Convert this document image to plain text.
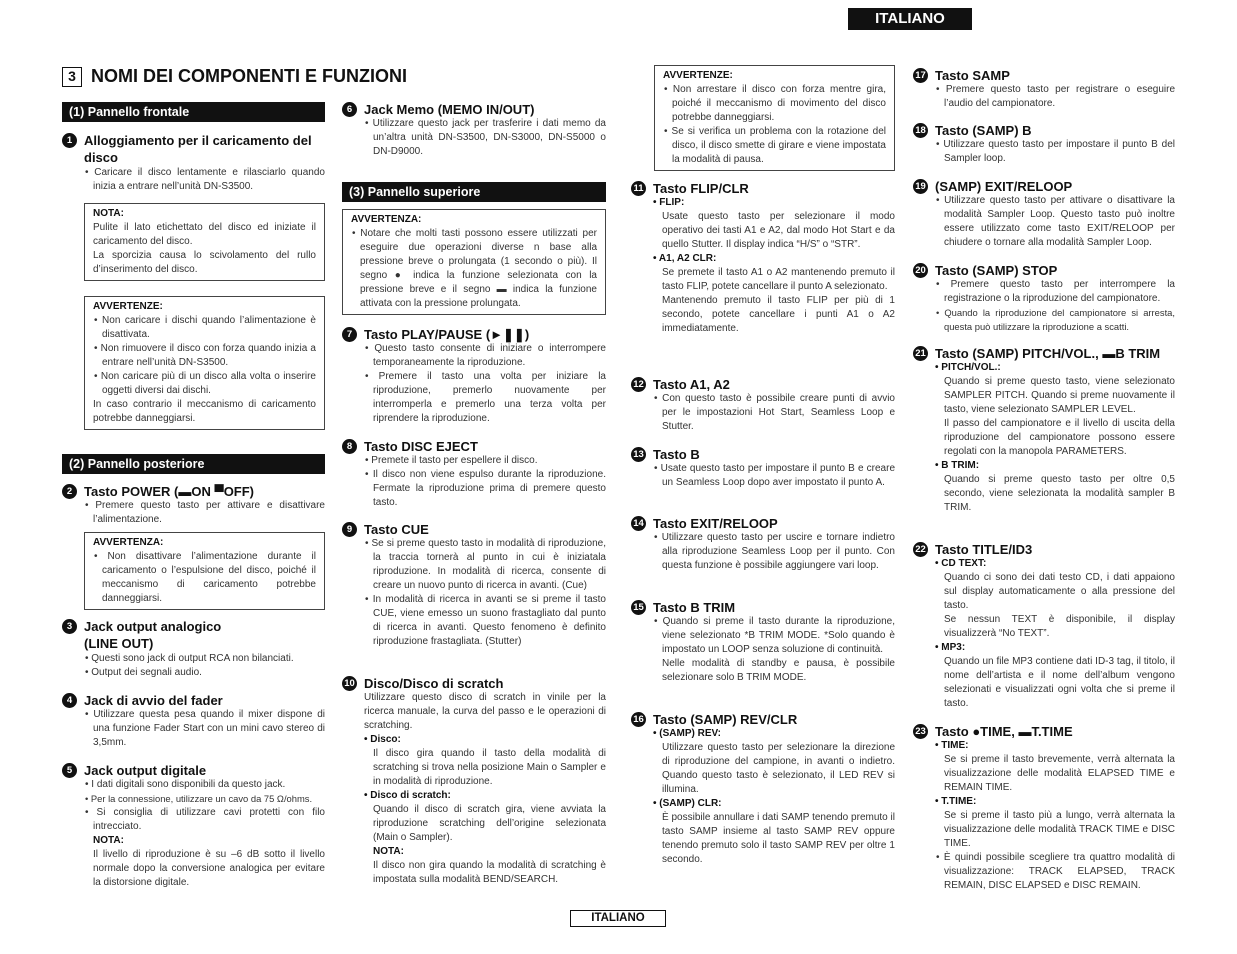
ITALIANO
3 NOMI DEI COMPONENTI E FUNZIONI
(1) Pannello frontale
1 Alloggiamento per il caricamento del disco

• Caricare il disco lentamente e rilasciarlo quando inizia a entrare nell’unità DN-S3500.

NOTA:

Pulite il lato etichettato del disco ed iniziate il caricamento del disco.

La sporcizia causa lo scivolamento del rullo d’inserimento del disco.

AVVERTENZE:

• Non caricare i dischi quando l’alimentazione è disattivata.

• Non rimuovere il disco con forza quando inizia a entrare nell’unità DN-S3500.

• Non caricare più di un disco alla volta o inserire oggetti diversi dai dischi.

In caso contrario il meccanismo di caricamento potrebbe danneggiarsi.

(2) Pannello posteriore
2 Tasto POWER (▬ON ▀OFF)

• Premere questo tasto per attivare e disattivare l’alimentazione.

AVVERTENZA:

• Non disattivare l’alimentazione durante il caricamento o l’espulsione del disco, poiché il meccanismo di caricamento potrebbe danneggiarsi.

3 Jack output analogico
(LINE OUT)

• Questi sono jack di output RCA non bilanciati.

• Output dei segnali audio.

4 Jack di avvio del fader

• Utilizzare questa pesa quando il mixer dispone di una funzione Fader Start con un mini cavo stereo di 3,5mm.

5 Jack output digitale

• I dati digitali sono disponibili da questo jack.

• Per la connessione, utilizzare un cavo da 75 Ω/ohms.

• Si consiglia di utilizzare cavi protetti con filo intrecciato.

NOTA:

Il livello di riproduzione è su –6 dB sotto il livello normale dopo la conversione analogica per evitare la distorsione digitale.

6 Jack Memo (MEMO IN/OUT)

• Utilizzare questo jack per trasferire i dati memo da un’altra unità DN-S3500, DN-S3000, DN-S5000 o DN-D9000.

(3) Pannello superiore

AVVERTENZA:

• Notare che molti tasti possono essere utilizzati per eseguire due operazioni diverse n base alla pressione breve o prolungata (1 secondo o più). Il segno ● indica la funzione selezionata con la pressione breve e il segno ▬ indica la funzione attivata con la pressione prolungata.

7 Tasto PLAY/PAUSE (►❚❚)

• Questo tasto consente di iniziare o interrompere temporaneamente la riproduzione.

• Premere il tasto una volta per iniziare la riproduzione, premerlo nuovamente per interromperla e premerlo una terza volta per riprendere la riproduzione.

8 Tasto DISC EJECT

• Premete il tasto per espellere il disco.

• Il disco non viene espulso durante la riproduzione. Fermate la riproduzione prima di premere questo tasto.

9 Tasto CUE

• Se si preme questo tasto in modalità di riproduzione, la traccia tornerà al punto in cui è iniziatala riproduzione. In modalità di ricerca, consente di creare un nuovo punto di ricerca in avanti. (Cue)

• In modalità di ricerca in avanti se si preme il tasto CUE, viene emesso un suono frastagliato dal punto di ricerca in avanti. Questo fenomeno è definito riproduzione frastagliata. (Stutter)

10 Disco/Disco di scratch

Utilizzare questo disco di scratch in vinile per la ricerca manuale, la curva del passo e le operazioni di scratching.

• Disco:

Il disco gira quando il tasto della modalità di scratching si trova nella posizione Main o Sampler e in modalità di riproduzione.

• Disco di scratch:

Quando il disco di scratch gira, viene avviata la riproduzione scratching dell’origine selezionata (Main o Sampler).

NOTA:

Il disco non gira quando la modalità di scratching è impostata sulla modalità BEND/SEARCH.

AVVERTENZE:

• Non arrestare il disco con forza mentre gira, poiché il meccanismo di movimento del disco potrebbe danneggiarsi.

• Se si verifica un problema con la rotazione del disco, il disco smette di girare e viene impostata la modalità di pausa.

11 Tasto FLIP/CLR

• FLIP:

Usate questo tasto per selezionare il modo operativo dei tasti A1 e A2, dal modo Hot Start e da quello Stutter. Il display indica “H/S” o “STR”.

• A1, A2 CLR:

Se premete il tasto A1 o A2 mantenendo premuto il tasto FLIP, potete cancellare il punto A selezionato.

Mantenendo premuto il tasto FLIP per più di 1 secondo, potete cancellare i punti A1 o A2 immediatamente.

12 Tasto A1, A2

• Con questo tasto è possibile creare punti di avvio per le impostazioni Hot Start, Seamless Loop e Stutter.

13 Tasto B

• Usate questo tasto per impostare il punto B e creare un Seamless Loop dopo aver impostato il punto A.

14 Tasto EXIT/RELOOP

• Utilizzare questo tasto per uscire e tornare indietro alla riproduzione Seamless Loop per il punto. Con questa funzione è possibile aggiungere vari loop.

15 Tasto B TRIM

• Quando si preme il tasto durante la riproduzione, viene selezionato *B TRIM MODE. *Solo quando è impostato un LOOP senza soluzione di continuità.

Nelle modalità di standby e pausa, è possibile selezionare solo B TRIM MODE.

16 Tasto (SAMP) REV/CLR

• (SAMP) REV:

Utilizzare questo tasto per selezionare la direzione di riproduzione del campione, in avanti o indietro. Quando questo tasto è selezionato, il LED REV si illumina.

• (SAMP) CLR:

È possibile annullare i dati SAMP tenendo premuto il tasto SAMP insieme al tasto SAMP REV oppure tenendo premuto solo il tasto SAMP REV per oltre 1 secondo.

17 Tasto SAMP

• Premere questo tasto per registrare o eseguire l’audio del campionatore.

18 Tasto (SAMP) B

• Utilizzare questo tasto per impostare il punto B del Sampler loop.

19 (SAMP) EXIT/RELOOP

• Utilizzare questo tasto per attivare o disattivare la modalità Sampler Loop. Questo tasto può inoltre essere utilizzato come tasto EXIT/RELOOP per chiudere o tornare alla modalità Sampler Loop.

20 Tasto (SAMP) STOP

• Premere questo tasto per interrompere la registrazione o la riproduzione del campionatore.

• Quando la riproduzione del campionatore si arresta, questa può utilizzare la riproduzione a scatti.

21 Tasto (SAMP) PITCH/VOL., ▬B TRIM

• PITCH/VOL.:

Quando si preme questo tasto, viene selezionato SAMPLER PITCH. Quando si preme nuovamente il tasto, viene selezionato SAMPLER LEVEL.

Il passo del campionatore e il livello di uscita della riproduzione del campionatore possono essere regolati con la manopola PARAMETERS.

• B TRIM:

Quando si preme questo tasto per oltre 0,5 secondo, viene selezionata la modalità sampler B TRIM.

22 Tasto TITLE/ID3

• CD TEXT:

Quando ci sono dei dati testo CD, i dati appaiono sul display automaticamente o alla pressione del tasto.

Se nessun TEXT è disponibile, il display visualizzerà “No TEXT”.

• MP3:

Quando un file MP3 contiene dati ID-3 tag, il titolo, il nome dell’artista e il nome dell’album vengono selezionati e visualizzati ogni volta che si preme il tasto.

23 Tasto ●TIME, ▬T.TIME

• TIME:

Se si preme il tasto brevemente, verrà alternata la visualizzazione delle modalità ELAPSED TIME e REMAIN TIME.

• T.TIME:

Se si preme il tasto più a lungo, verrà alternata la visualizzazione delle modalità TRACK TIME e DISC TIME.

• È quindi possibile scegliere tra quattro modalità di visualizzazione: TRACK ELAPSED, TRACK REMAIN, DISC ELAPSED e DISC REMAIN.

ITALIANO
